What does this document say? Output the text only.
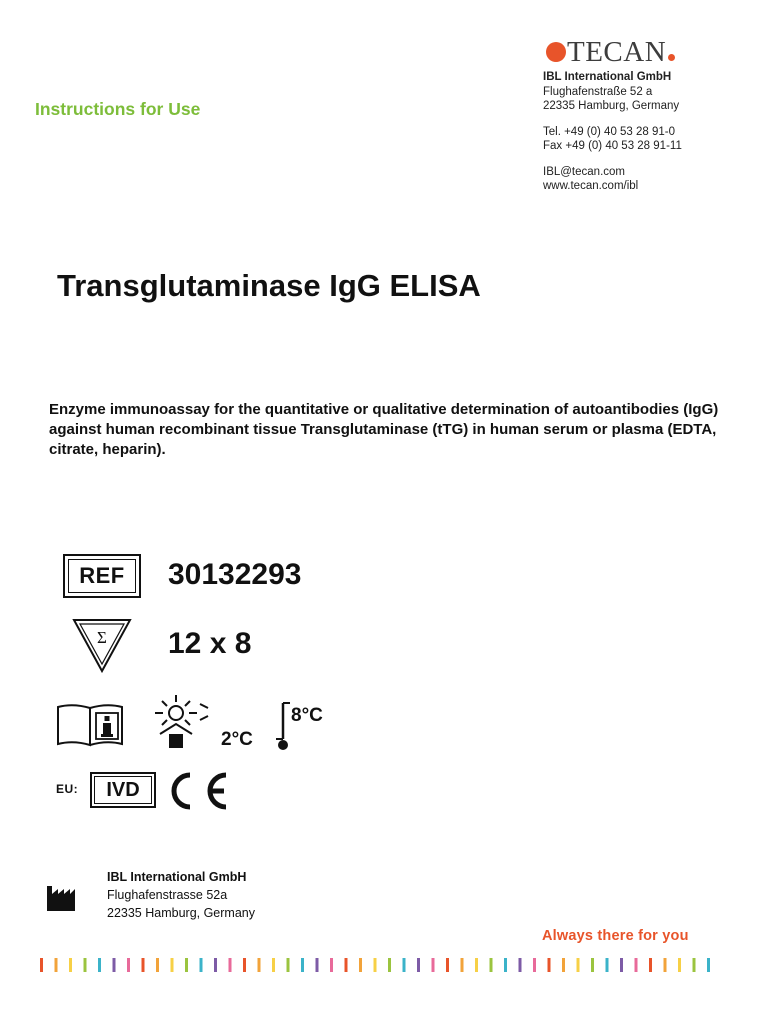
TECAN
IBL International GmbH
Flughafenstraße 52 a
22335 Hamburg, Germany
Tel. +49 (0) 40 53 28 91-0
Fax +49 (0) 40 53 28 91-11
IBL@tecan.com
www.tecan.com/ibl
Instructions for Use
Transglutaminase IgG ELISA
Enzyme immunoassay for the quantitative or qualitative determination of autoantibodies (IgG) against human recombinant tissue Transglutaminase (tTG) in human serum or plasma (EDTA, citrate, heparin).
REF	30132293
Σ 12 x 8
2°C
8°C
EU:	IVD
IBL International GmbH
Flughafenstrasse 52a
22335 Hamburg, Germany
Always there for you
